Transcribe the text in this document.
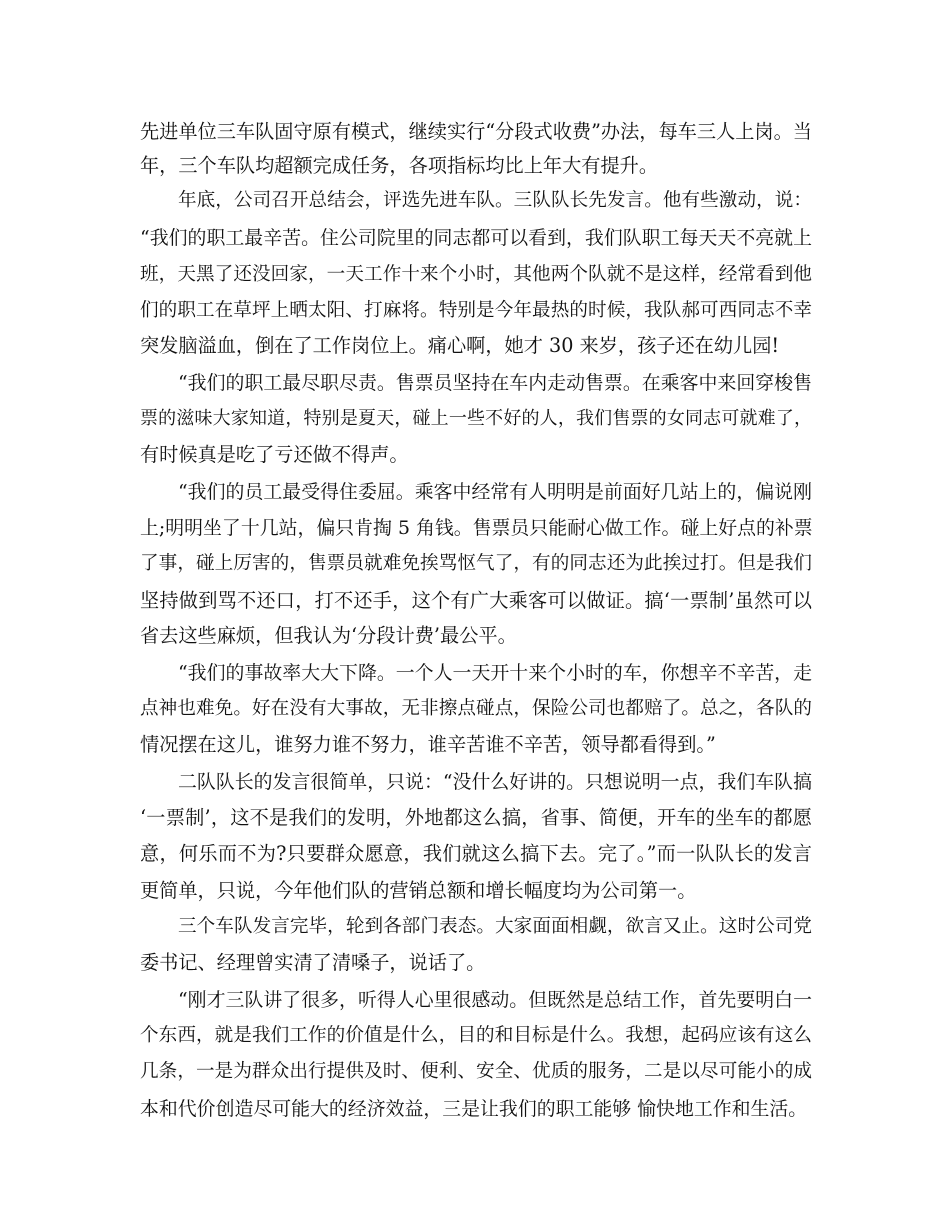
先进单位三车队固守原有模式，继续实行“分段式收费”办法，每车三人上岗。当
年，三个车队均超额完成任务，各项指标均比上年大有提升。
年底，公司召开总结会，评选先进车队。三队队长先发言。他有些激动，说：
“我们的职工最辛苦。住公司院里的同志都可以看到，我们队职工每天天不亮就上
班，天黑了还没回家，一天工作十来个小时，其他两个队就不是这样，经常看到他
们的职工在草坪上晒太阳、打麻将。特别是今年最热的时候，我队郝可西同志不幸
突发脑溢血，倒在了工作岗位上。痛心啊，她才 30 来岁，孩子还在幼儿园!
“我们的职工最尽职尽责。售票员坚持在车内走动售票。在乘客中来回穿梭售
票的滋味大家知道，特别是夏天，碰上一些不好的人，我们售票的女同志可就难了，
有时候真是吃了亏还做不得声。
“我们的员工最受得住委屈。乘客中经常有人明明是前面好几站上的，偏说刚
上;明明坐了十几站，偏只肯掏 5 角钱。售票员只能耐心做工作。碰上好点的补票
了事，碰上厉害的，售票员就难免挨骂怄气了，有的同志还为此挨过打。但是我们
坚持做到骂不还口，打不还手，这个有广大乘客可以做证。搞‘一票制’虽然可以
省去这些麻烦，但我认为‘分段计费’最公平。
“我们的事故率大大下降。一个人一天开十来个小时的车，你想辛不辛苦，走
点神也难免。好在没有大事故，无非擦点碰点，保险公司也都赔了。总之，各队的
情况摆在这儿，谁努力谁不努力，谁辛苦谁不辛苦，领导都看得到。”
二队队长的发言很简单，只说：“没什么好讲的。只想说明一点，我们车队搞
‘一票制’，这不是我们的发明，外地都这么搞，省事、简便，开车的坐车的都愿
意，何乐而不为?只要群众愿意，我们就这么搞下去。完了。”而一队队长的发言
更简单，只说，今年他们队的营销总额和增长幅度均为公司第一。
三个车队发言完毕，轮到各部门表态。大家面面相觑，欲言又止。这时公司党
委书记、经理曾实清了清嗓子，说话了。
“刚才三队讲了很多，听得人心里很感动。但既然是总结工作，首先要明白一
个东西，就是我们工作的价值是什么，目的和目标是什么。我想，起码应该有这么
几条，一是为群众出行提供及时、便利、安全、优质的服务，二是以尽可能小的成
本和代价创造尽可能大的经济效益，三是让我们的职工能够 愉快地工作和生活。
